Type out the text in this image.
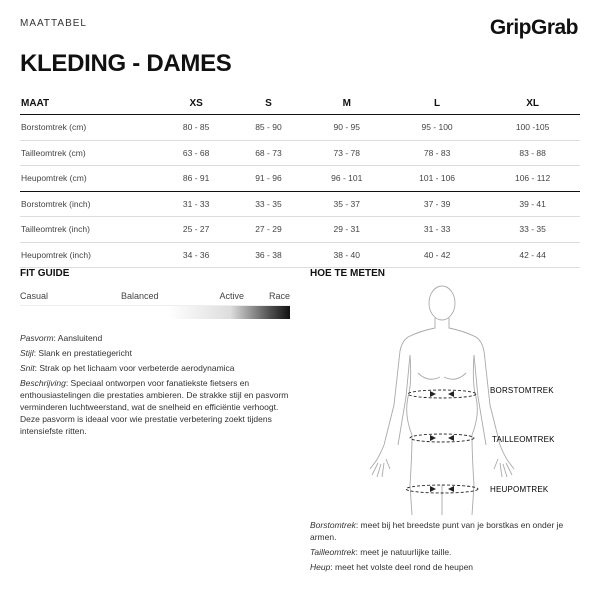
MAATTABEL	GripGrab
KLEDING - DAMES
MAAT	XS	S	M	L	XL
Borstomtrek (cm)	80 - 85	85 - 90	90 - 95	95 - 100	100 -105
Tailleomtrek (cm)	63 - 68	68 - 73	73 - 78	78 - 83	83 - 88
Heupomtrek (cm)	86 - 91	91 - 96	96 - 101	101 - 106	106 - 112
Borstomtrek (inch)	31 - 33	33 - 35	35 - 37	37 - 39	39 - 41
Tailleomtrek (inch)	25 - 27	27 - 29	29 - 31	31 - 33	33 - 35
Heupomtrek (inch)	34 - 36	36 - 38	38 - 40	40 - 42	42 - 44
FIT GUIDE
Casual	Balanced	Active	Race

Pasvorm: Aansluitend

Stijl: Slank en prestatiegericht

Snit: Strak op het lichaam voor verbeterde aerodynamica

Beschrijving: Speciaal ontworpen voor fanatiekste fietsers en enthousiastelingen die prestaties ambieren. De strakke stijl en pasvorm verminderen luchtweerstand, wat de snelheid en efficiëntie verhoogt. Deze pasvorm is ideaal voor wie prestatie verbetering zoekt tijdens intensiefste ritten.

HOE TE METEN
BORSTOMTREK
TAILLEOMTREK
HEUPOMTREK

Borstomtrek: meet bij het breedste punt van je borstkas en onder je armen.

Tailleomtrek: meet je natuurlijke taille.

Heup: meet het volste deel rond de heupen
